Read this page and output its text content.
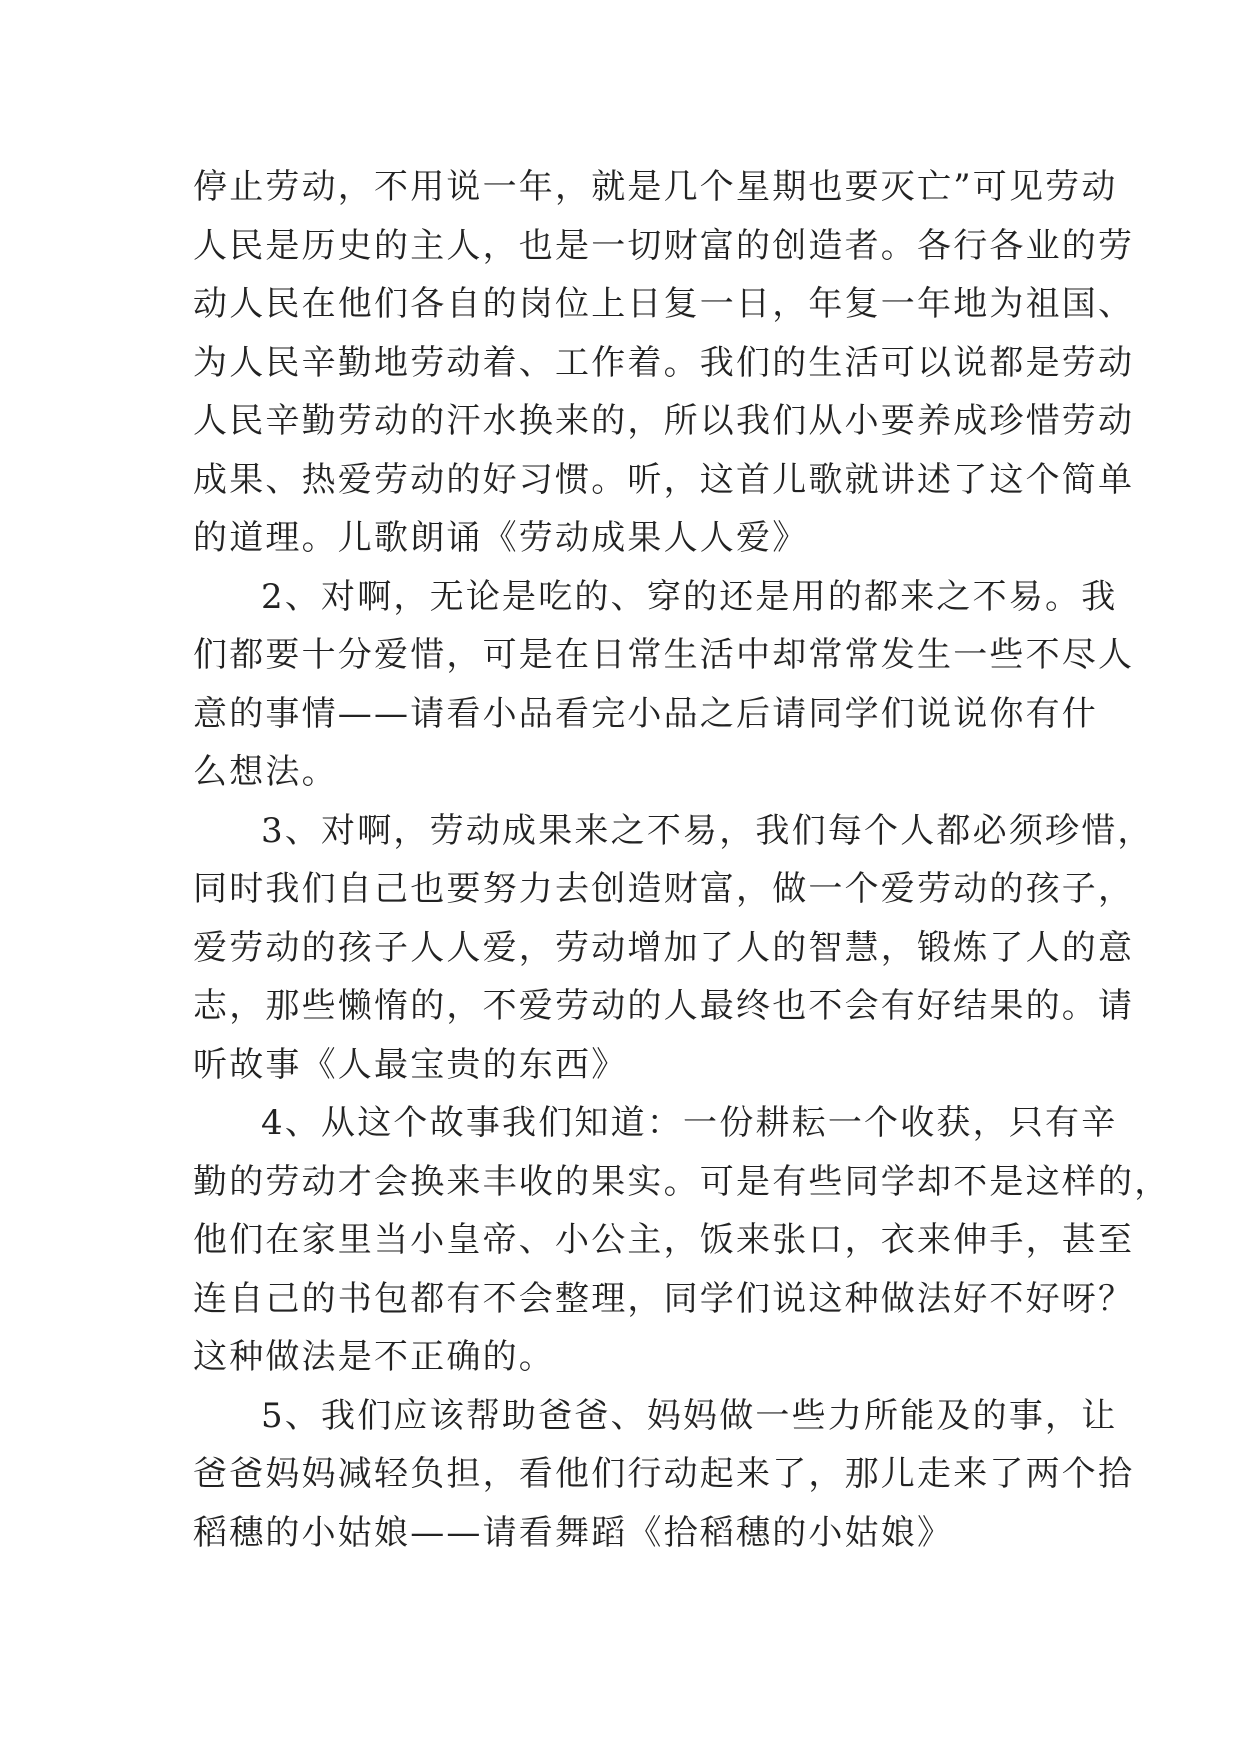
停止劳动，不用说一年，就是几个星期也要灭亡”可见劳动
人民是历史的主人，也是一切财富的创造者。各行各业的劳
动人民在他们各自的岗位上日复一日，年复一年地为祖国、
为人民辛勤地劳动着、工作着。我们的生活可以说都是劳动
人民辛勤劳动的汗水换来的，所以我们从小要养成珍惜劳动
成果、热爱劳动的好习惯。听，这首儿歌就讲述了这个简单
的道理。儿歌朗诵《劳动成果人人爱》

2、对啊，无论是吃的、穿的还是用的都来之不易。我
们都要十分爱惜，可是在日常生活中却常常发生一些不尽人
意的事情——请看小品看完小品之后请同学们说说你有什
么想法。

3、对啊，劳动成果来之不易，我们每个人都必须珍惜，
同时我们自己也要努力去创造财富，做一个爱劳动的孩子，
爱劳动的孩子人人爱，劳动增加了人的智慧，锻炼了人的意
志，那些懒惰的，不爱劳动的人最终也不会有好结果的。请
听故事《人最宝贵的东西》

4、从这个故事我们知道：一份耕耘一个收获，只有辛
勤的劳动才会换来丰收的果实。可是有些同学却不是这样的，
他们在家里当小皇帝、小公主，饭来张口，衣来伸手，甚至
连自己的书包都有不会整理，同学们说这种做法好不好呀？
这种做法是不正确的。

5、我们应该帮助爸爸、妈妈做一些力所能及的事，让
爸爸妈妈减轻负担，看他们行动起来了，那儿走来了两个拾
稻穗的小姑娘——请看舞蹈《拾稻穗的小姑娘》
